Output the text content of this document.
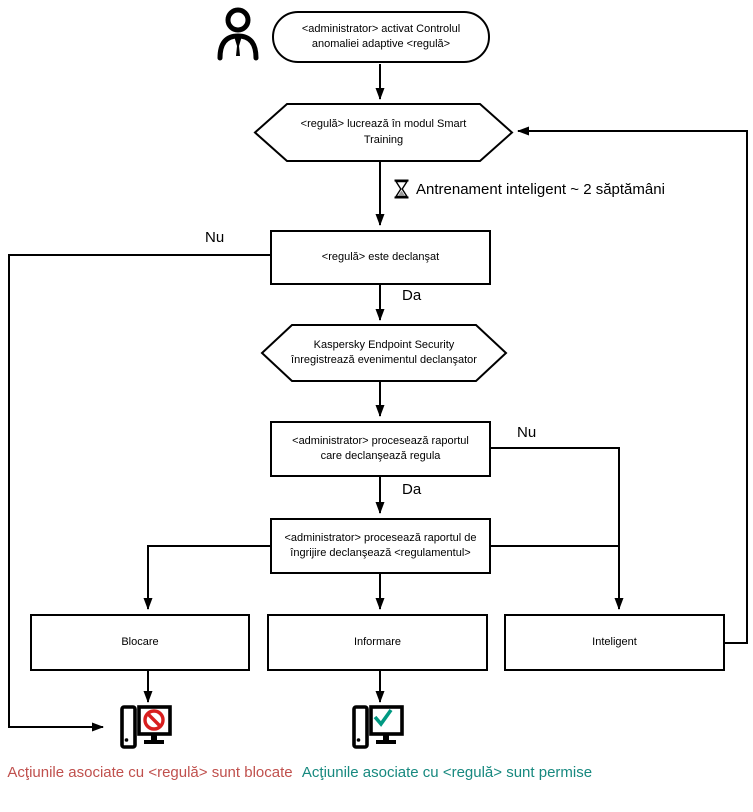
<administrator> activat Controlul anomaliei adaptive <regulă>
<regulă> lucrează în modul Smart Training
Antrenament inteligent ~ 2 săptămâni
<regulă> este declanşat
Nu
Da
Nu
Da
Kaspersky Endpoint Security înregistrează evenimentul declanşator
<administrator> procesează raportul care declanşează regula
<administrator> procesează raportul de îngrijire declanşează <regulamentul>
Blocare	Informare	Inteligent
Acţiunile asociate cu <regulă> sunt blocate Acţiunile asociate cu <regulă> sunt permise
